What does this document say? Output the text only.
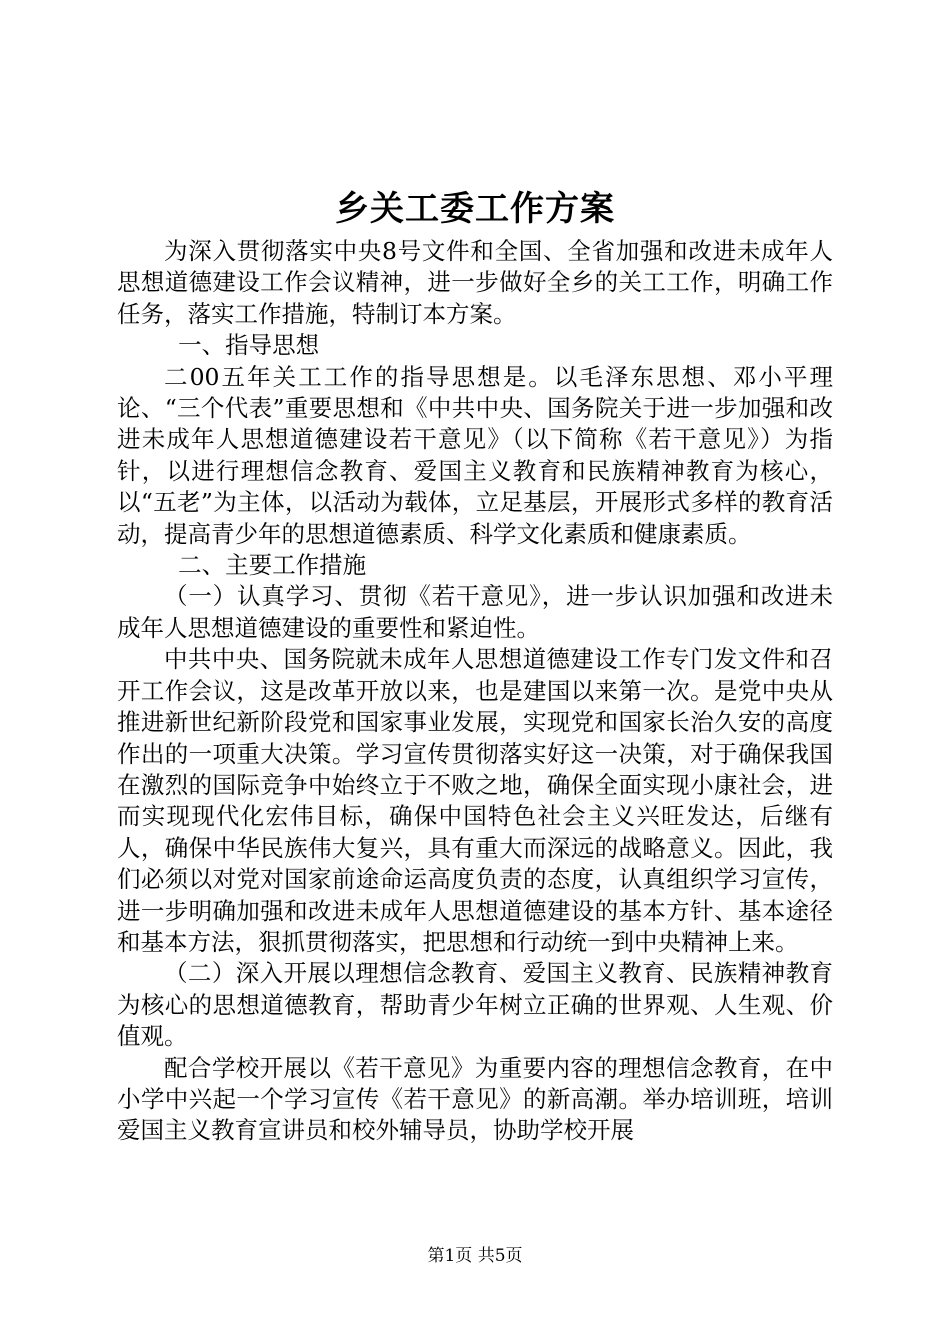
乡关工委工作方案

为深入贯彻落实中央8号文件和全国、全省加强和改进未成年人思想道德建设工作会议精神，进一步做好全乡的关工工作，明确工作任务，落实工作措施，特制订本方案。

一、指导思想

二00五年关工工作的指导思想是。以毛泽东思想、邓小平理论、“三个代表”重要思想和《中共中央、国务院关于进一步加强和改进未成年人思想道德建设若干意见》（以下简称《若干意见》）为指针，以进行理想信念教育、爱国主义教育和民族精神教育为核心，以“五老”为主体，以活动为载体，立足基层，开展形式多样的教育活动，提高青少年的思想道德素质、科学文化素质和健康素质。

二、主要工作措施

（一）认真学习、贯彻《若干意见》，进一步认识加强和改进未成年人思想道德建设的重要性和紧迫性。

中共中央、国务院就未成年人思想道德建设工作专门发文件和召开工作会议，这是改革开放以来，也是建国以来第一次。是党中央从推进新世纪新阶段党和国家事业发展，实现党和国家长治久安的高度作出的一项重大决策。学习宣传贯彻落实好这一决策，对于确保我国在激烈的国际竞争中始终立于不败之地，确保全面实现小康社会，进而实现现代化宏伟目标，确保中国特色社会主义兴旺发达，后继有人，确保中华民族伟大复兴，具有重大而深远的战略意义。因此，我们必须以对党对国家前途命运高度负责的态度，认真组织学习宣传，进一步明确加强和改进未成年人思想道德建设的基本方针、基本途径和基本方法，狠抓贯彻落实，把思想和行动统一到中央精神上来。

（二）深入开展以理想信念教育、爱国主义教育、民族精神教育为核心的思想道德教育，帮助青少年树立正确的世界观、人生观、价值观。

配合学校开展以《若干意见》为重要内容的理想信念教育，在中小学中兴起一个学习宣传《若干意见》的新高潮。举办培训班，培训爱国主义教育宣讲员和校外辅导员，协助学校开展

第1页 共5页
